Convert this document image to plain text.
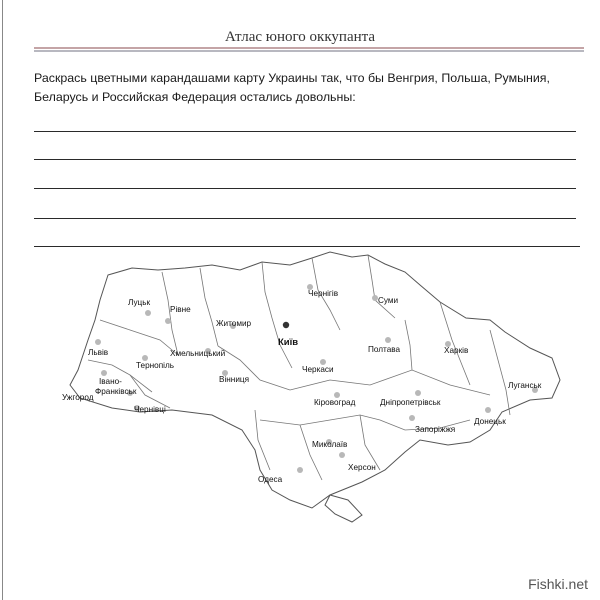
Атлас юного оккупанта
Раскрась цветными карандашами карту Украины так, что бы Венгрия, Польша, Румыния, Беларусь и Российская Федерация остались довольны:
Луцьк
Рівне
Житомир
Київ
Чернігів
Суми
Львів
Тернопіль
Хмельницький	Полтава	Харків
Івано-
Франківськ
Вінниця
Черкаси
Луганськ
Ужгород
Чернівці
Кіровоград	Дніпропетрівськ
Запоріжжя
Донецьк
Миколаїв
Херсон
Одеса
Fishki.net
